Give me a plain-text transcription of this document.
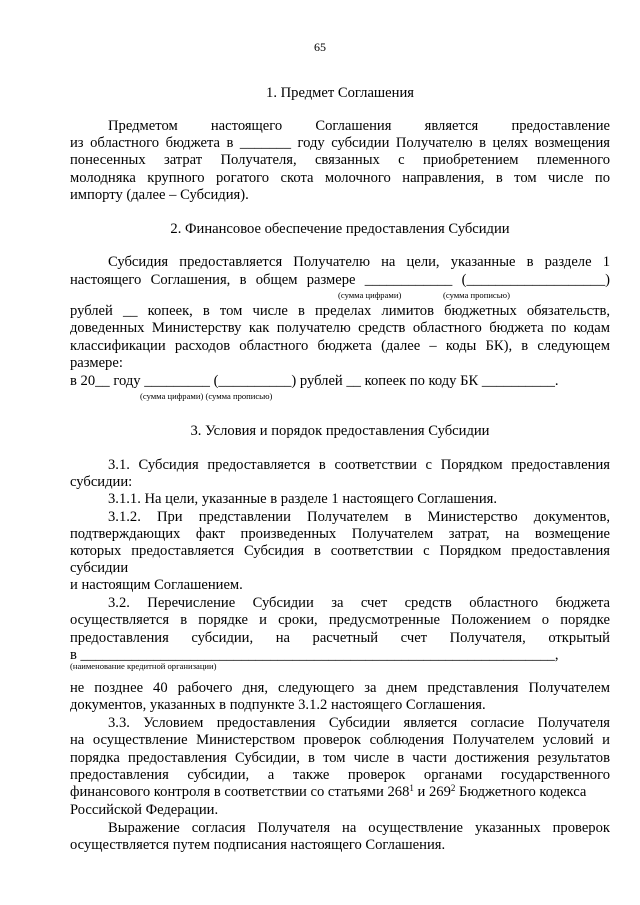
65
1. Предмет Соглашения
Предметом настоящего Соглашения является предоставление
из областного бюджета в _______ году субсидии Получателю в целях возмещения
понесенных затрат Получателя, связанных с приобретением племенного
молодняка крупного рогатого скота молочного направления, в том числе по
импорту (далее – Субсидия).
2. Финансовое обеспечение предоставления Субсидии
Субсидия предоставляется Получателю на цели, указанные в разделе 1
настоящего Соглашения, в общем размере ____________ (___________________)
(сумма цифрами)	(сумма прописью)
рублей __ копеек, в том числе в пределах лимитов бюджетных обязательств,
доведенных Министерству как получателю средств областного бюджета по кодам
классификации расходов областного бюджета (далее – коды БК), в следующем
размере:
в 20__ году _________ (__________) рублей __ копеек по коду БК __________.
(сумма цифрами) (сумма прописью)
3. Условия и порядок предоставления Субсидии
3.1. Субсидия предоставляется в соответствии с Порядком предоставления
субсидии:
3.1.1. На цели, указанные в разделе 1 настоящего Соглашения.
3.1.2. При представлении Получателем в Министерство документов,
подтверждающих факт произведенных Получателем затрат, на возмещение
которых предоставляется Субсидия в соответствии с Порядком предоставления
субсидии
и настоящим Соглашением.
3.2. Перечисление Субсидии за счет средств областного бюджета
осуществляется в порядке и сроки, предусмотренные Положением о порядке
предоставления субсидии, на расчетный счет Получателя, открытый
в _________________________________________________________________,
(наименование кредитной организации)
не позднее 40 рабочего дня, следующего за днем представления Получателем
документов, указанных в подпункте 3.1.2 настоящего Соглашения.
3.3. Условием предоставления Субсидии является согласие Получателя
на осуществление Министерством проверок соблюдения Получателем условий и
порядка предоставления Субсидии, в том числе в части достижения результатов
предоставления субсидии, а также проверок органами государственного
финансового контроля в соответствии со статьями $268^1$ и $269^2$ Бюджетного кодекса
Российской Федерации.
Выражение согласия Получателя на осуществление указанных проверок
осуществляется путем подписания настоящего Соглашения.
